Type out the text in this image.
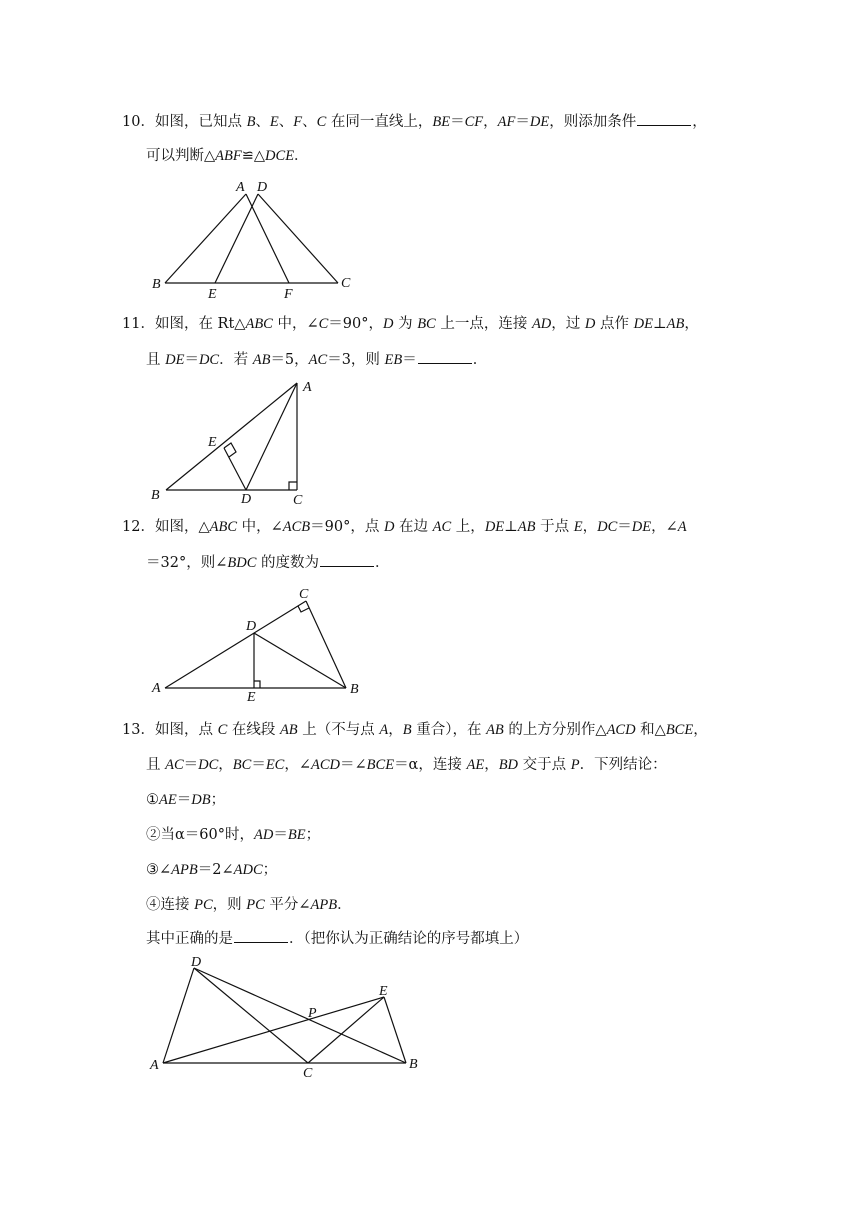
10．如图，已知点 B、E、F、C 在同一直线上，BE＝CF，AF＝DE，则添加条件	，
可以判断△ABF≌△DCE．
11．如图，在 Rt△ABC 中，∠C＝90°，D 为 BC 上一点，连接 AD，过 D 点作 DE⊥AB，
且 DE＝DC．若 AB＝5，AC＝3，则 EB＝	．
12．如图，△ABC 中，∠ACB＝90°，点 D 在边 AC 上，DE⊥AB 于点 E，DC＝DE，∠A
＝32°，则∠BDC 的度数为	．
13．如图，点 C 在线段 AB 上（不与点 A，B 重合），在 AB 的上方分别作△ACD 和△BCE，
且 AC＝DC，BC＝EC，∠ACD＝∠BCE＝α，连接 AE，BD 交于点 P．下列结论：
①AE＝DB；
②当α＝60°时，AD＝BE；
③∠APB＝2∠ADC；
④连接 PC，则 PC 平分∠APB．
其中正确的是	．（把你认为正确结论的序号都填上）
A D
B
E	F
C
A
E
B	D	C
C
D
A
E
B
D
E
P
A
C
B
